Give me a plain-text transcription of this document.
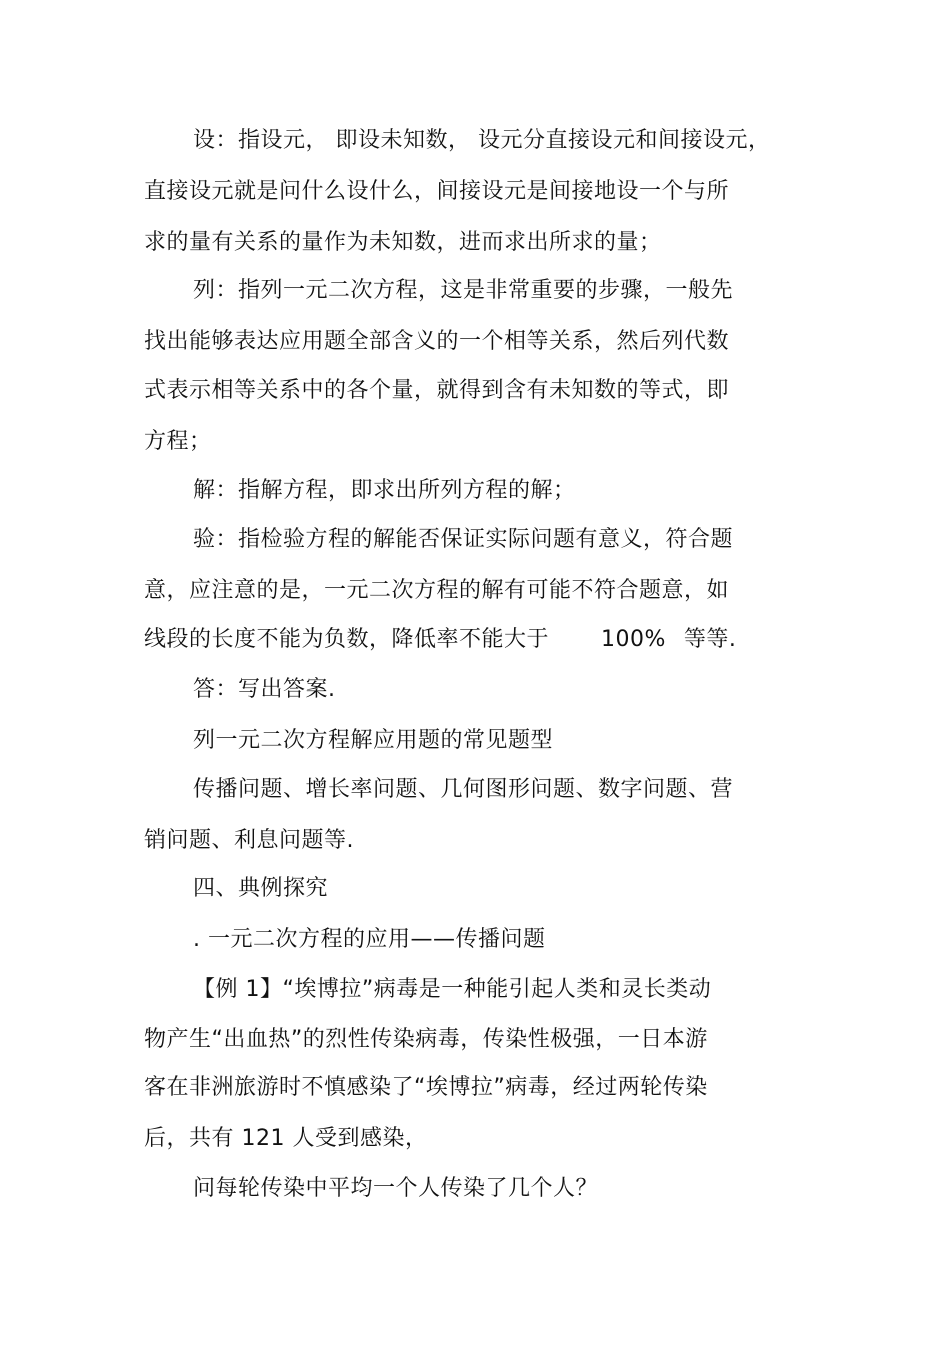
设：指设元， 即设未知数， 设元分直接设元和间接设元，
直接设元就是问什么设什么，间接设元是间接地设一个与所
求的量有关系的量作为未知数，进而求出所求的量；
列：指列一元二次方程，这是非常重要的步骤，一般先
找出能够表达应用题全部含义的一个相等关系，然后列代数
式表示相等关系中的各个量，就得到含有未知数的等式，即
方程；
解：指解方程，即求出所列方程的解；
验：指检验方程的解能否保证实际问题有意义，符合题
意，应注意的是，一元二次方程的解有可能不符合题意，如
线段的长度不能为负数，降低率不能大于 100% 等等.
答：写出答案.
列一元二次方程解应用题的常见题型
传播问题、增长率问题、几何图形问题、数字问题、营
销问题、利息问题等.
四、典例探究
. 一元二次方程的应用——传播问题
【例 1】“埃博拉”病毒是一种能引起人类和灵长类动
物产生“出血热”的烈性传染病毒，传染性极强，一日本游
客在非洲旅游时不慎感染了“埃博拉”病毒，经过两轮传染
后，共有 121 人受到感染，
问每轮传染中平均一个人传染了几个人？
